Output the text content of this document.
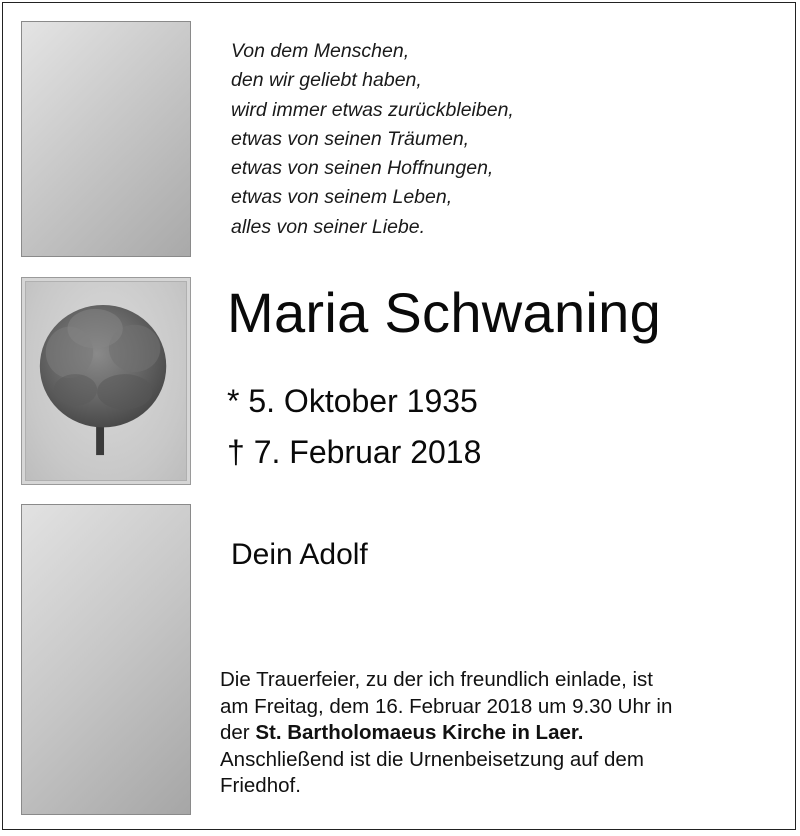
Von dem Menschen,
den wir geliebt haben,
wird immer etwas zurückbleiben,
etwas von seinen Träumen,
etwas von seinen Hoffnungen,
etwas von seinem Leben,
alles von seiner Liebe.
Maria Schwaning
* 5. Oktober 1935
† 7. Februar 2018
Dein Adolf
Die Trauerfeier, zu der ich freundlich einlade, ist
am Freitag, dem 16. Februar 2018 um 9.30 Uhr in
der St. Bartholomaeus Kirche in Laer.
Anschließend ist die Urnenbeisetzung auf dem
Friedhof.
